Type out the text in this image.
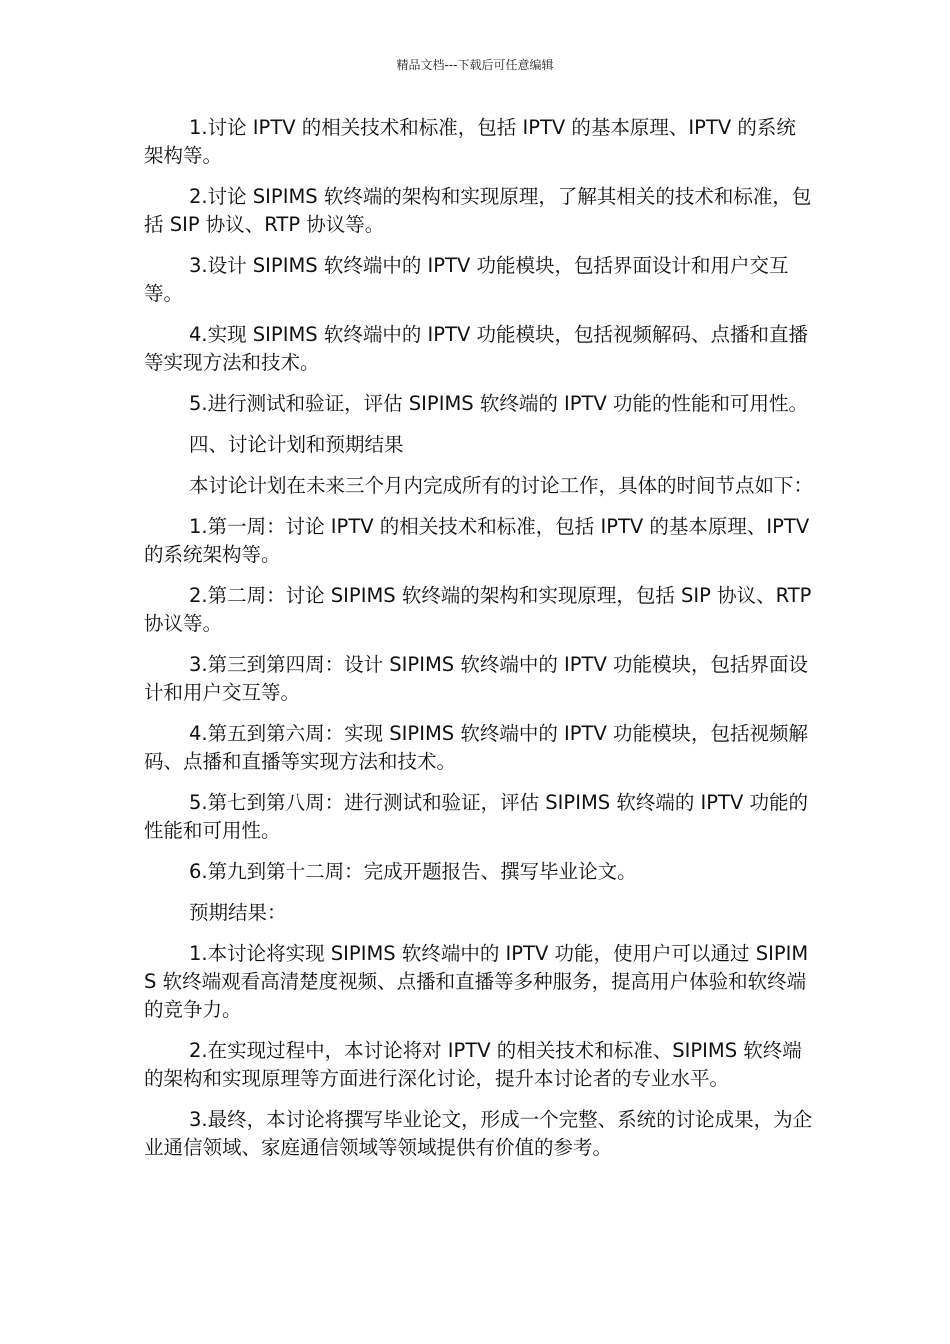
精品文档---下载后可任意编辑

1.讨论 IPTV 的相关技术和标准，包括 IPTV 的基本原理、IPTV 的系统架构等。

2.讨论 SIPIMS 软终端的架构和实现原理，了解其相关的技术和标准，包括 SIP 协议、RTP 协议等。

3.设计 SIPIMS 软终端中的 IPTV 功能模块，包括界面设计和用户交互等。

4.实现 SIPIMS 软终端中的 IPTV 功能模块，包括视频解码、点播和直播等实现方法和技术。

5.进行测试和验证，评估 SIPIMS 软终端的 IPTV 功能的性能和可用性。

四、讨论计划和预期结果

本讨论计划在未来三个月内完成所有的讨论工作，具体的时间节点如下：

1.第一周：讨论 IPTV 的相关技术和标准，包括 IPTV 的基本原理、IPTV 的系统架构等。

2.第二周：讨论 SIPIMS 软终端的架构和实现原理，包括 SIP 协议、RTP 协议等。

3.第三到第四周：设计 SIPIMS 软终端中的 IPTV 功能模块，包括界面设计和用户交互等。

4.第五到第六周：实现 SIPIMS 软终端中的 IPTV 功能模块，包括视频解码、点播和直播等实现方法和技术。

5.第七到第八周：进行测试和验证，评估 SIPIMS 软终端的 IPTV 功能的性能和可用性。

6.第九到第十二周：完成开题报告、撰写毕业论文。

预期结果：

1.本讨论将实现 SIPIMS 软终端中的 IPTV 功能，使用户可以通过 SIPIMS 软终端观看高清楚度视频、点播和直播等多种服务，提高用户体验和软终端的竞争力。

2.在实现过程中，本讨论将对 IPTV 的相关技术和标准、SIPIMS 软终端的架构和实现原理等方面进行深化讨论，提升本讨论者的专业水平。

3.最终，本讨论将撰写毕业论文，形成一个完整、系统的讨论成果，为企业通信领域、家庭通信领域等领域提供有价值的参考。
